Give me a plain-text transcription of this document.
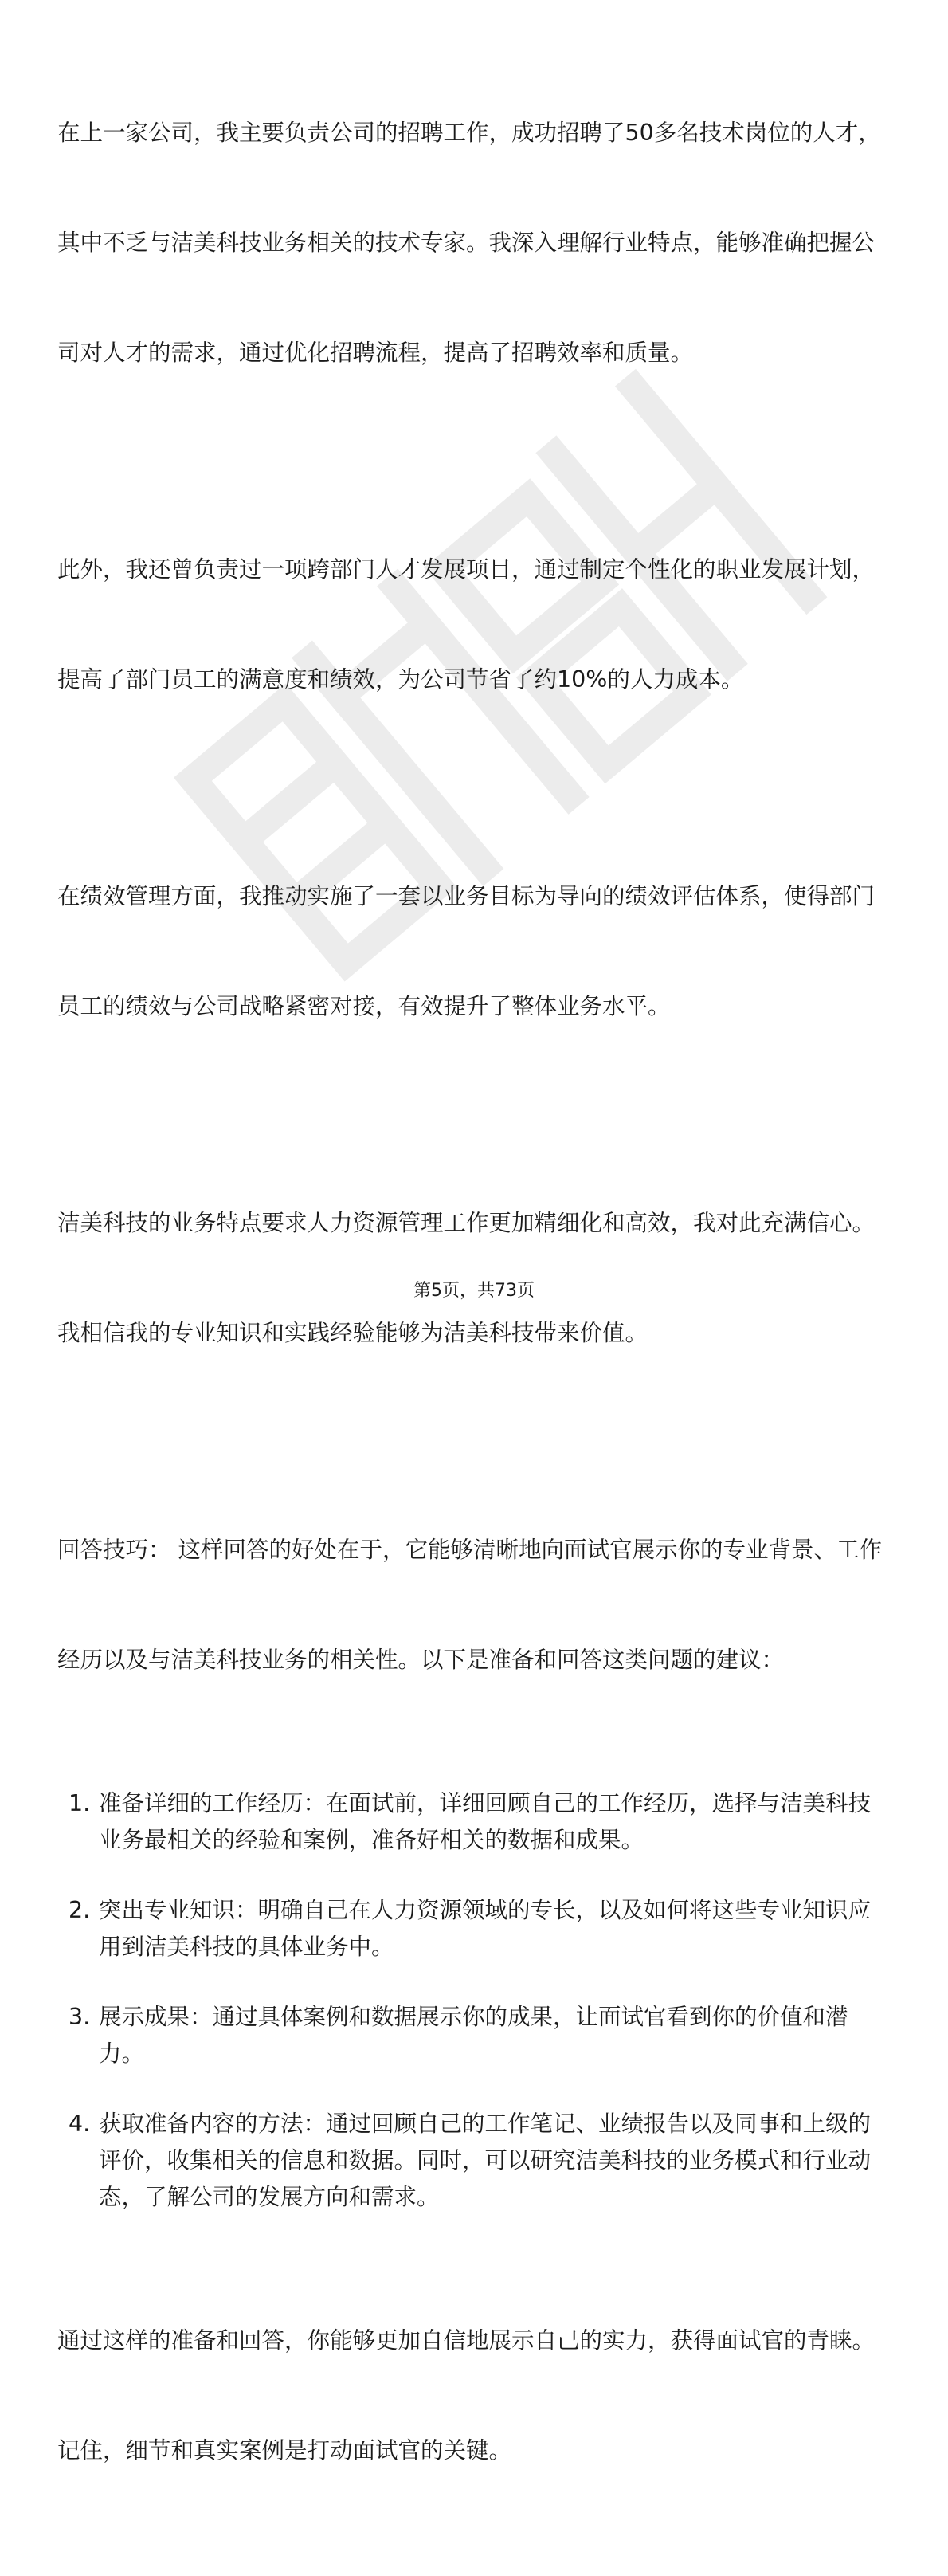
在上一家公司，我主要负责公司的招聘工作，成功招聘了50多名技术岗位的人才，

其中不乏与洁美科技业务相关的技术专家。我深入理解行业特点，能够准确把握公

司对人才的需求，通过优化招聘流程，提高了招聘效率和质量。

此外，我还曾负责过一项跨部门人才发展项目，通过制定个性化的职业发展计划，

提高了部门员工的满意度和绩效，为公司节省了约10%的人力成本。

在绩效管理方面，我推动实施了一套以业务目标为导向的绩效评估体系，使得部门

员工的绩效与公司战略紧密对接，有效提升了整体业务水平。

洁美科技的业务特点要求人力资源管理工作更加精细化和高效，我对此充满信心。

我相信我的专业知识和实践经验能够为洁美科技带来价值。

回答技巧： 这样回答的好处在于，它能够清晰地向面试官展示你的专业背景、工作

经历以及与洁美科技业务的相关性。以下是准备和回答这类问题的建议：

1. 准备详细的工作经历：在面试前，详细回顾自己的工作经历，选择与洁美科技
业务最相关的经验和案例，准备好相关的数据和成果。
2. 突出专业知识：明确自己在人力资源领域的专长，以及如何将这些专业知识应
用到洁美科技的具体业务中。
3. 展示成果：通过具体案例和数据展示你的成果，让面试官看到你的价值和潜
力。
4. 获取准备内容的方法：通过回顾自己的工作笔记、业绩报告以及同事和上级的
评价，收集相关的信息和数据。同时，可以研究洁美科技的业务模式和行业动
态，了解公司的发展方向和需求。

通过这样的准备和回答，你能够更加自信地展示自己的实力，获得面试官的青睐。

记住，细节和真实案例是打动面试官的关键。

第5页，共73页
